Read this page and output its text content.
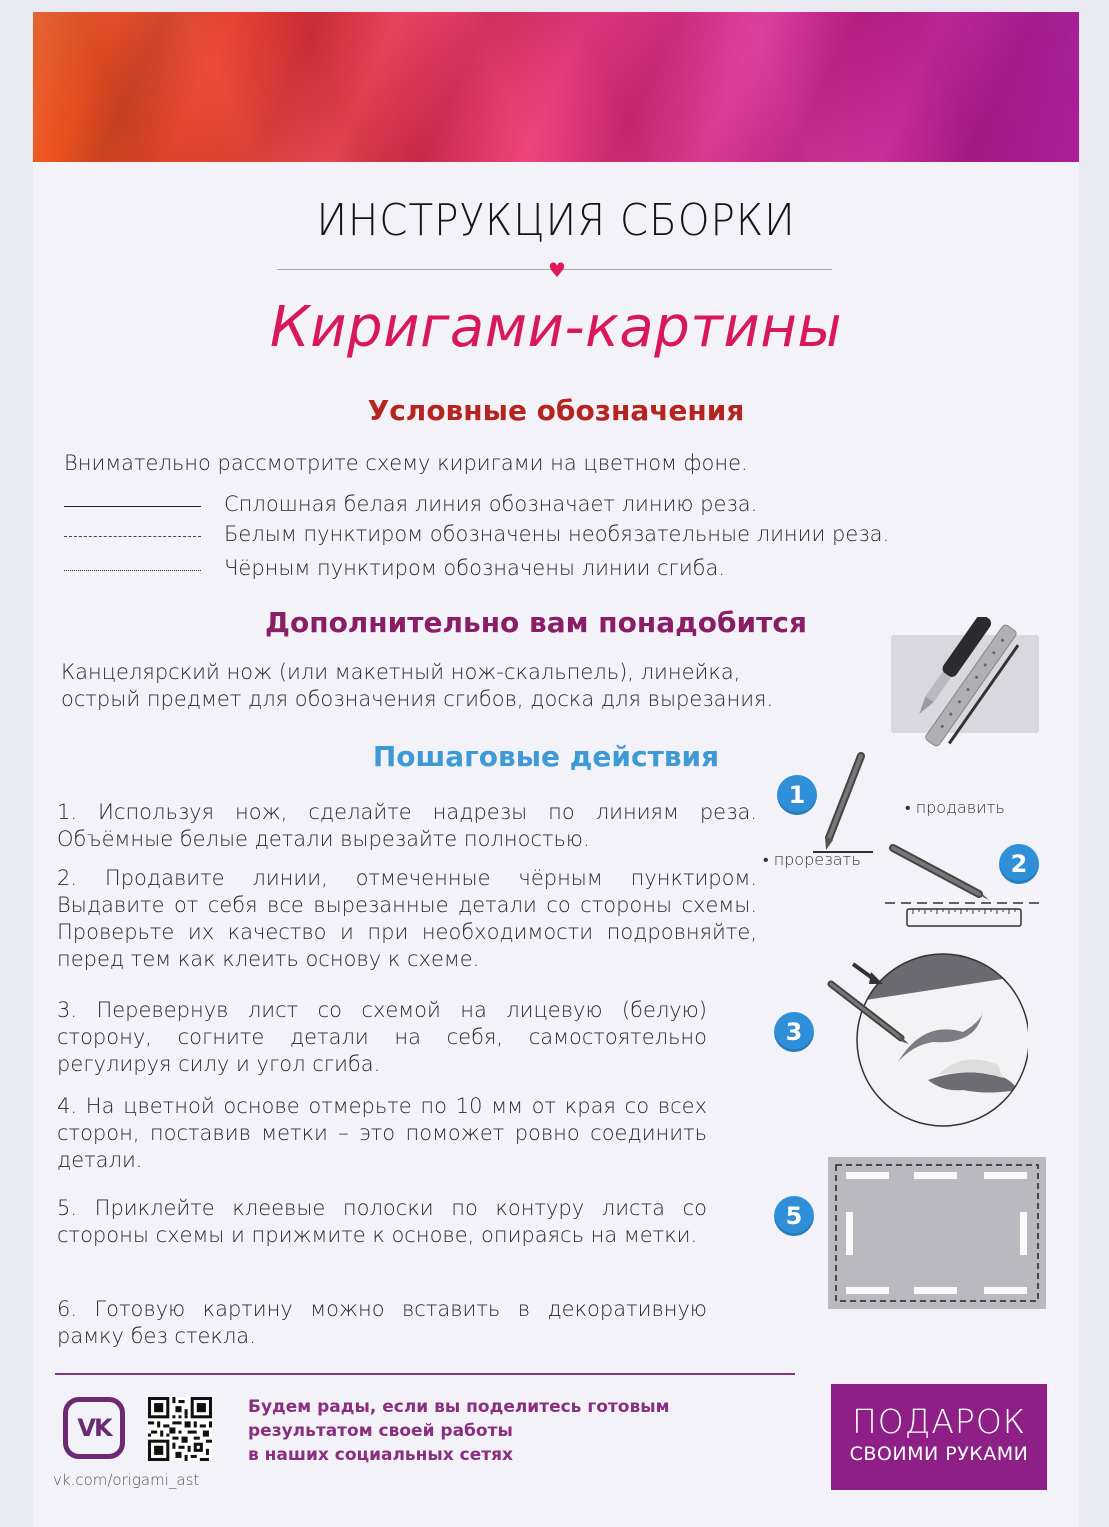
ИНСТРУКЦИЯ СБОРКИ
♥
Киригами-картины
Условные обозначения
Внимательно рассмотрите схему киригами на цветном фоне.
Сплошная белая линия обозначает линию реза.
Белым пунктиром обозначены необязательные линии реза.
Чёрным пунктиром обозначены линии сгиба.
Дополнительно вам понадобится
Канцелярский нож (или макетный нож-скальпель), линейка,
острый предмет для обозначения сгибов, доска для вырезания.
Пошаговые действия
1. Используя нож, сделайте надрезы по линиям реза. Объёмные белые детали вырезайте полностью.
2. Продавите линии, отмеченные чёрным пунктиром. Выдавите от себя все вырезанные детали со стороны схемы. Проверьте их качество и при необходимости подровняйте, перед тем как клеить основу к схеме.
3. Перевернув лист со схемой на лицевую (белую) сторону, согните детали на себя, самостоятельно регулируя силу и угол сгиба.
4. На цветной основе отмерьте по 10 мм от края со всех сторон, поставив метки – это поможет ровно соединить детали.
5. Приклейте клеевые полоски по контуру листа со стороны схемы и прижмите к основе, опираясь на метки.
6. Готовую картину можно вставить в декоративную рамку без стекла.
1
• прорезать
• продавить
2
3
5
VK
vk.com/origami_ast
Будем рады, если вы поделитесь готовым
результатом своей работы
в наших социальных сетях
ПОДАРОК
СВОИМИ РУКАМИ
